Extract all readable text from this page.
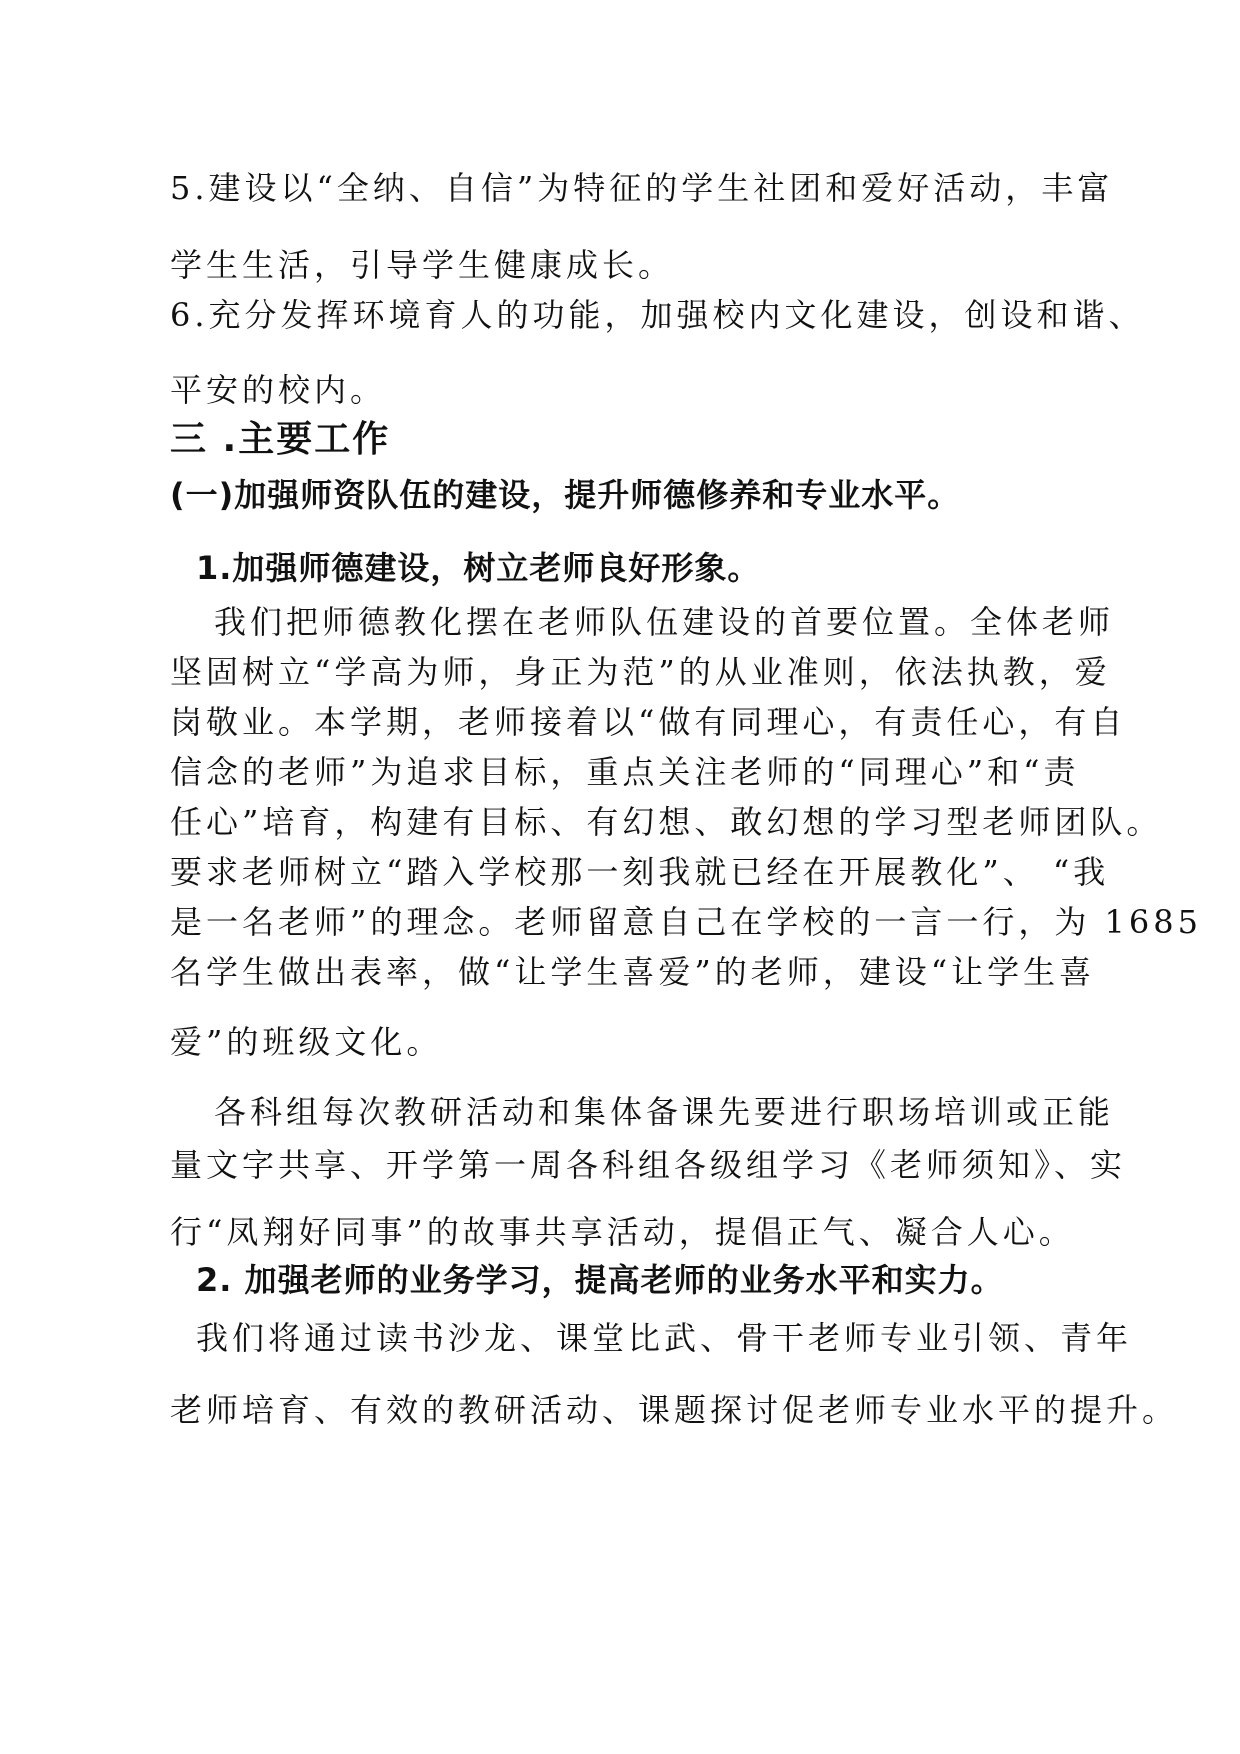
5.建设以“全纳、自信”为特征的学生社团和爱好活动，丰富
学生生活，引导学生健康成长。
6.充分发挥环境育人的功能，加强校内文化建设，创设和谐、
平安的校内。
三 .主要工作
(一)加强师资队伍的建设，提升师德修养和专业水平。
1.加强师德建设，树立老师良好形象。
我们把师德教化摆在老师队伍建设的首要位置。全体老师
坚固树立“学高为师，身正为范”的从业准则，依法执教，爱
岗敬业。本学期，老师接着以“做有同理心，有责任心，有自
信念的老师”为追求目标，重点关注老师的“同理心”和“责
任心”培育，构建有目标、有幻想、敢幻想的学习型老师团队。
要求老师树立“踏入学校那一刻我就已经在开展教化”、 “我
是一名老师”的理念。老师留意自己在学校的一言一行，为 1685
名学生做出表率，做“让学生喜爱”的老师，建设“让学生喜
爱”的班级文化。
各科组每次教研活动和集体备课先要进行职场培训或正能
量文字共享、开学第一周各科组各级组学习《老师须知》、实
行“凤翔好同事”的故事共享活动，提倡正气、凝合人心。
2. 加强老师的业务学习，提高老师的业务水平和实力。
我们将通过读书沙龙、课堂比武、骨干老师专业引领、青年
老师培育、有效的教研活动、课题探讨促老师专业水平的提升。
